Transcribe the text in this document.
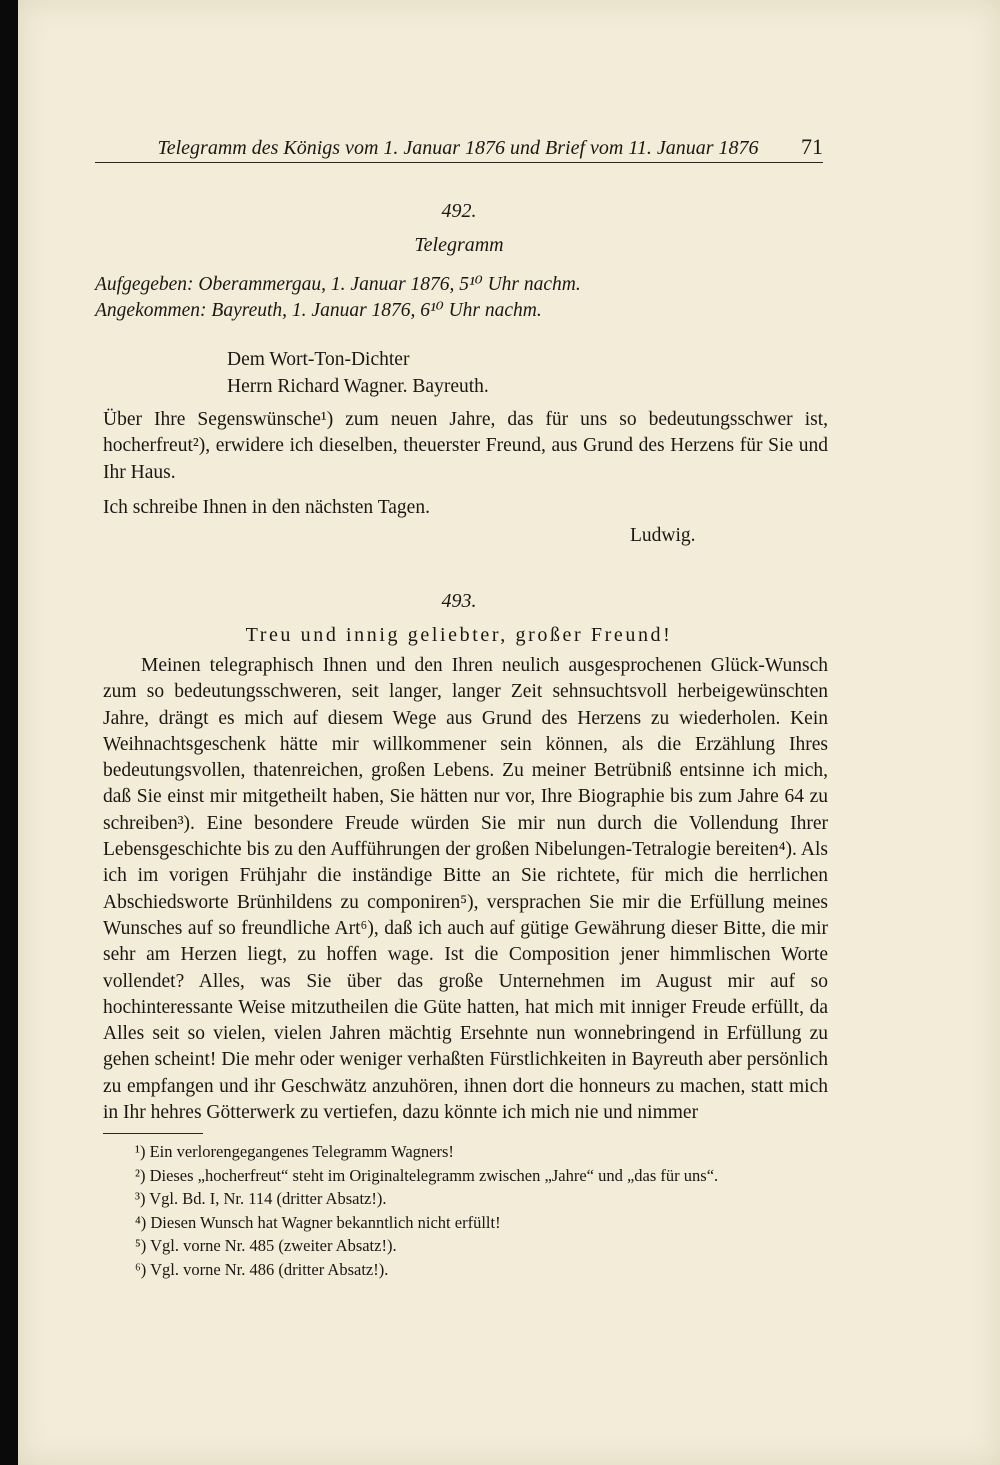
Telegramm des Königs vom 1. Januar 1876 und Brief vom 11. Januar 1876	71
492.
Telegramm
Aufgegeben: Oberammergau, 1. Januar 1876, 5¹⁰ Uhr nachm.
Angekommen: Bayreuth, 1. Januar 1876, 6¹⁰ Uhr nachm.
Dem Wort-Ton-Dichter
Herrn Richard Wagner. Bayreuth.
Über Ihre Segenswünsche¹) zum neuen Jahre, das für uns so bedeutungsschwer ist, hocherfreut²), erwidere ich dieselben, theuerster Freund, aus Grund des Herzens für Sie und Ihr Haus.
Ich schreibe Ihnen in den nächsten Tagen.
Ludwig.
493.
Treu und innig geliebter, großer Freund!
Meinen telegraphisch Ihnen und den Ihren neulich ausgesprochenen Glück-Wunsch zum so bedeutungsschweren, seit langer, langer Zeit sehnsuchtsvoll herbeigewünschten Jahre, drängt es mich auf diesem Wege aus Grund des Herzens zu wiederholen. Kein Weihnachtsgeschenk hätte mir willkommener sein können, als die Erzählung Ihres bedeutungsvollen, thatenreichen, großen Lebens. Zu meiner Betrübniß entsinne ich mich, daß Sie einst mir mitgetheilt haben, Sie hätten nur vor, Ihre Biographie bis zum Jahre 64 zu schreiben³). Eine besondere Freude würden Sie mir nun durch die Vollendung Ihrer Lebensgeschichte bis zu den Aufführungen der großen Nibelungen-Tetralogie bereiten⁴). Als ich im vorigen Frühjahr die inständige Bitte an Sie richtete, für mich die herrlichen Abschiedsworte Brünhildens zu componiren⁵), versprachen Sie mir die Erfüllung meines Wunsches auf so freundliche Art⁶), daß ich auch auf gütige Gewährung dieser Bitte, die mir sehr am Herzen liegt, zu hoffen wage. Ist die Composition jener himmlischen Worte vollendet? Alles, was Sie über das große Unternehmen im August mir auf so hochinteressante Weise mitzutheilen die Güte hatten, hat mich mit inniger Freude erfüllt, da Alles seit so vielen, vielen Jahren mächtig Ersehnte nun wonnebringend in Erfüllung zu gehen scheint! Die mehr oder weniger verhaßten Fürstlichkeiten in Bayreuth aber persönlich zu empfangen und ihr Geschwätz anzuhören, ihnen dort die honneurs zu machen, statt mich in Ihr hehres Götterwerk zu vertiefen, dazu könnte ich mich nie und nimmer
¹) Ein verlorengegangenes Telegramm Wagners!
²) Dieses „hocherfreut“ steht im Originaltelegramm zwischen „Jahre“ und „das für uns“.
³) Vgl. Bd. I, Nr. 114 (dritter Absatz!).
⁴) Diesen Wunsch hat Wagner bekanntlich nicht erfüllt!
⁵) Vgl. vorne Nr. 485 (zweiter Absatz!).
⁶) Vgl. vorne Nr. 486 (dritter Absatz!).
